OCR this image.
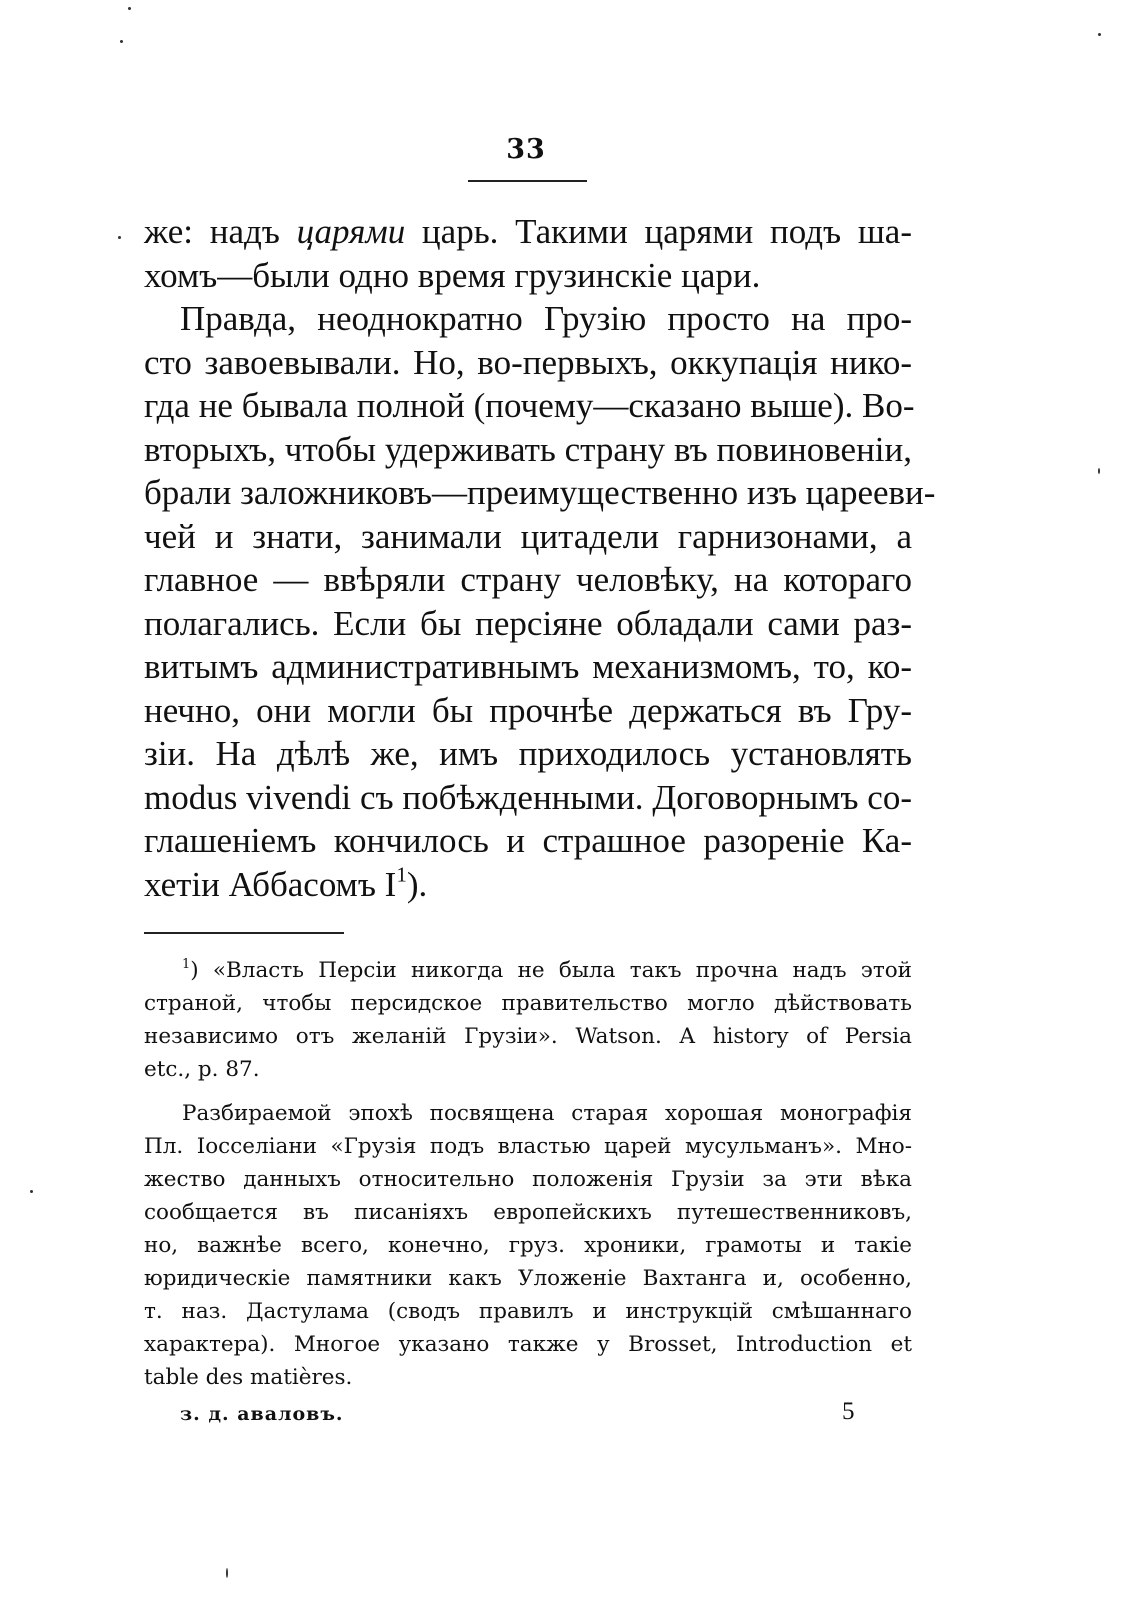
33
же: надъ царями царь. Такими царями подъ ша-
хомъ—были одно время грузинскіе цари.
Правда, неоднократно Грузію просто на про-
сто завоевывали. Но, во-первыхъ, оккупація нико-
гда не бывала полной (почему—сказано выше). Во-
вторыхъ, чтобы удерживать страну въ повиновеніи,
брали заложниковъ—преимущественно изъ царееви-
чей и знати, занимали цитадели гарнизонами, а
главное — ввѣряли страну человѣку, на котораго
полагались. Если бы персіяне обладали сами раз-
витымъ административнымъ механизмомъ, то, ко-
нечно, они могли бы прочнѣе держаться въ Гру-
зіи. На дѣлѣ же, имъ приходилось установлять
modus vivendi съ побѣжденными. Договорнымъ со-
глашеніемъ кончилось и страшное разореніе Ка-
хетіи Аббасомъ $I^1$).
$^1$) «Власть Персіи никогда не была такъ прочна надъ этой
страной, чтобы персидское правительство могло дѣйствовать
независимо отъ желаній Грузіи». Watson. A history of Persia
etc., p. 87.
Разбираемой эпохѣ посвящена старая хорошая монографія
Пл. Іосселіани «Грузія подъ властью царей мусульманъ». Мно-
жество данныхъ относительно положенія Грузіи за эти вѣка
сообщается въ писаніяхъ европейскихъ путешественниковъ,
но, важнѣе всего, конечно, груз. хроники, грамоты и такіе
юридическіе памятники какъ Уложеніе Вахтанга и, особенно,
т. наз. Дастулама (сводъ правилъ и инструкцій смѣшаннаго
характера). Многое указано также у Brosset, Introduction et
table des matières.
з. д. аваловъ.	5
